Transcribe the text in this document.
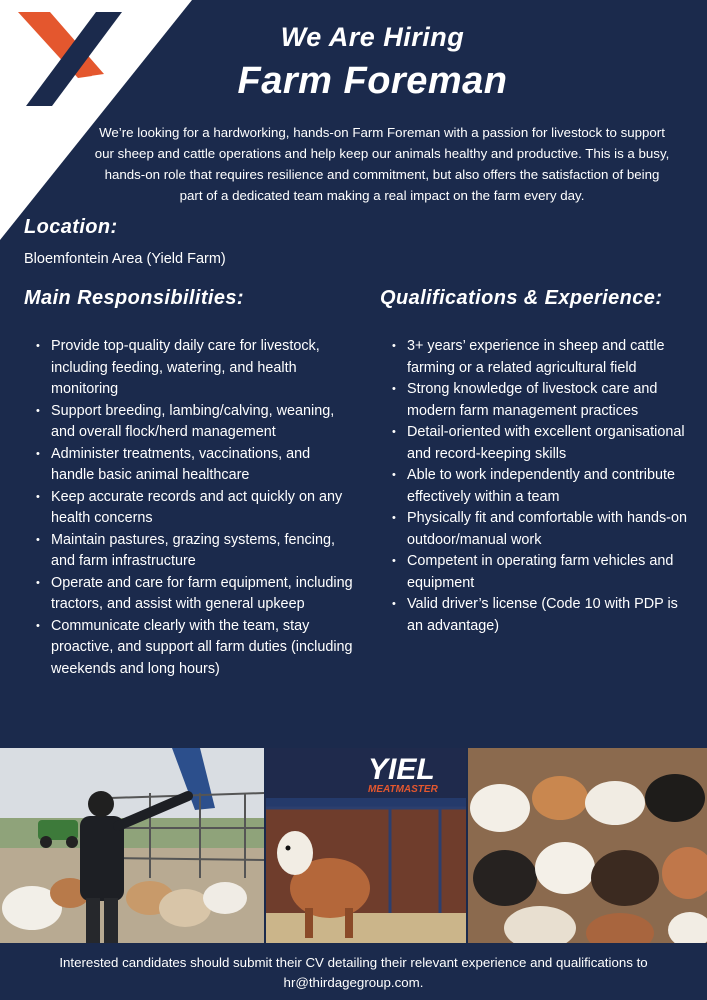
We Are Hiring
Farm Foreman
We’re looking for a hardworking, hands-on Farm Foreman with a passion for livestock to support our sheep and cattle operations and help keep our animals healthy and productive. This is a busy, hands-on role that requires resilience and commitment, but also offers the satisfaction of being part of a dedicated team making a real impact on the farm every day.
Location:
Bloemfontein Area (Yield Farm)
Main Responsibilities:	Qualifications & Experience:
• Provide top-quality daily care for livestock, including feeding, watering, and health monitoring
• Support breeding, lambing/calving, weaning, and overall flock/herd management
• Administer treatments, vaccinations, and handle basic animal healthcare
• Keep accurate records and act quickly on any health concerns
• Maintain pastures, grazing systems, fencing, and farm infrastructure
• Operate and care for farm equipment, including tractors, and assist with general upkeep
• Communicate clearly with the team, stay proactive, and support all farm duties (including weekends and long hours)
• 3+ years’ experience in sheep and cattle farming or a related agricultural field
• Strong knowledge of livestock care and modern farm management practices
• Detail-oriented with excellent organisational and record-keeping skills
• Able to work independently and contribute effectively within a team
• Physically fit and comfortable with hands-on outdoor/manual work
• Competent in operating farm vehicles and equipment
• Valid driver’s license (Code 10 with PDP is an advantage)
YIEL
MEATMASTER
Interested candidates should submit their CV detailing their relevant experience and qualifications to hr@thirdagegroup.com.
